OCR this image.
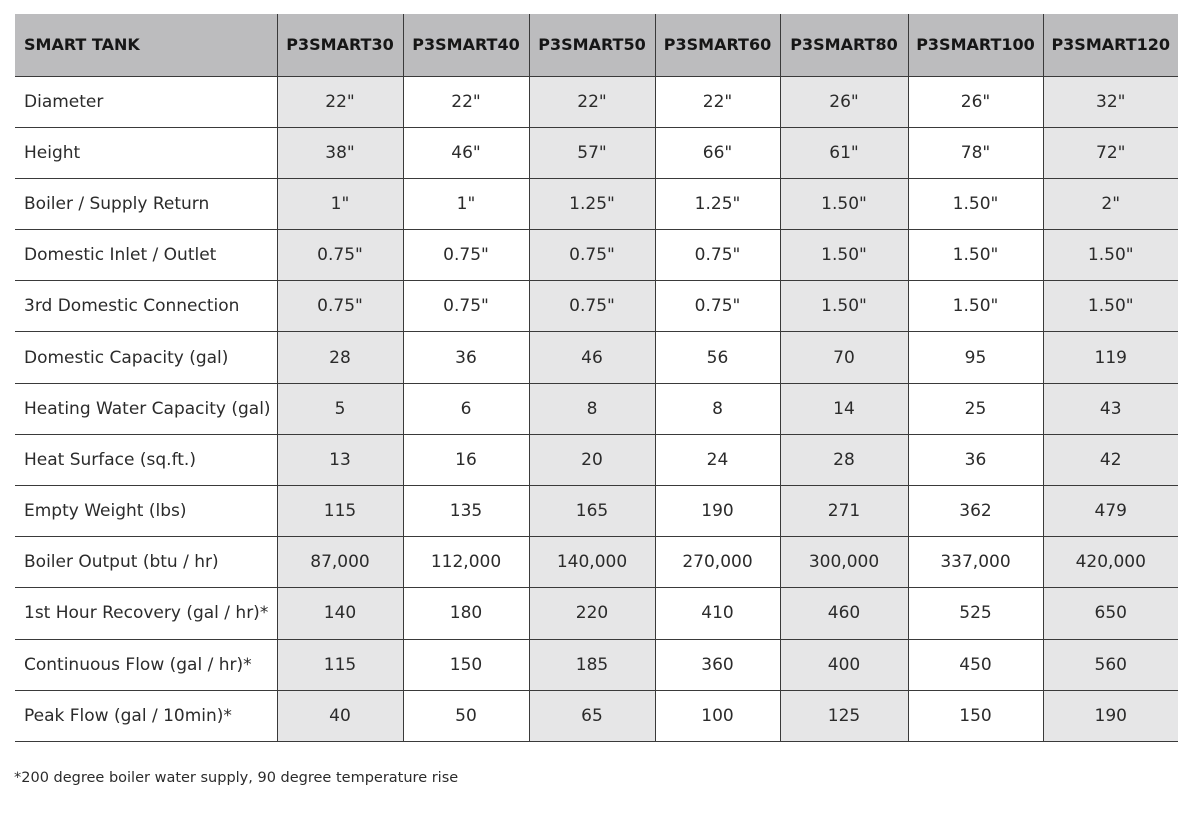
SMART TANK	P3SMART30	P3SMART40	P3SMART50	P3SMART60	P3SMART80	P3SMART100	P3SMART120
Diameter	22"	22"	22"	22"	26"	26"	32"
Height	38"	46"	57"	66"	61"	78"	72"
Boiler / Supply Return	1"	1"	1.25"	1.25"	1.50"	1.50"	2"
Domestic Inlet / Outlet	0.75"	0.75"	0.75"	0.75"	1.50"	1.50"	1.50"
3rd Domestic Connection	0.75"	0.75"	0.75"	0.75"	1.50"	1.50"	1.50"
Domestic Capacity (gal)	28	36	46	56	70	95	119
Heating Water Capacity (gal)	5	6	8	8	14	25	43
Heat Surface (sq.ft.)	13	16	20	24	28	36	42
Empty Weight (lbs)	115	135	165	190	271	362	479
Boiler Output (btu / hr)	87,000	112,000	140,000	270,000	300,000	337,000	420,000
1st Hour Recovery (gal / hr)*	140	180	220	410	460	525	650
Continuous Flow (gal / hr)*	115	150	185	360	400	450	560
Peak Flow (gal / 10min)*	40	50	65	100	125	150	190
*200 degree boiler water supply, 90 degree temperature rise
